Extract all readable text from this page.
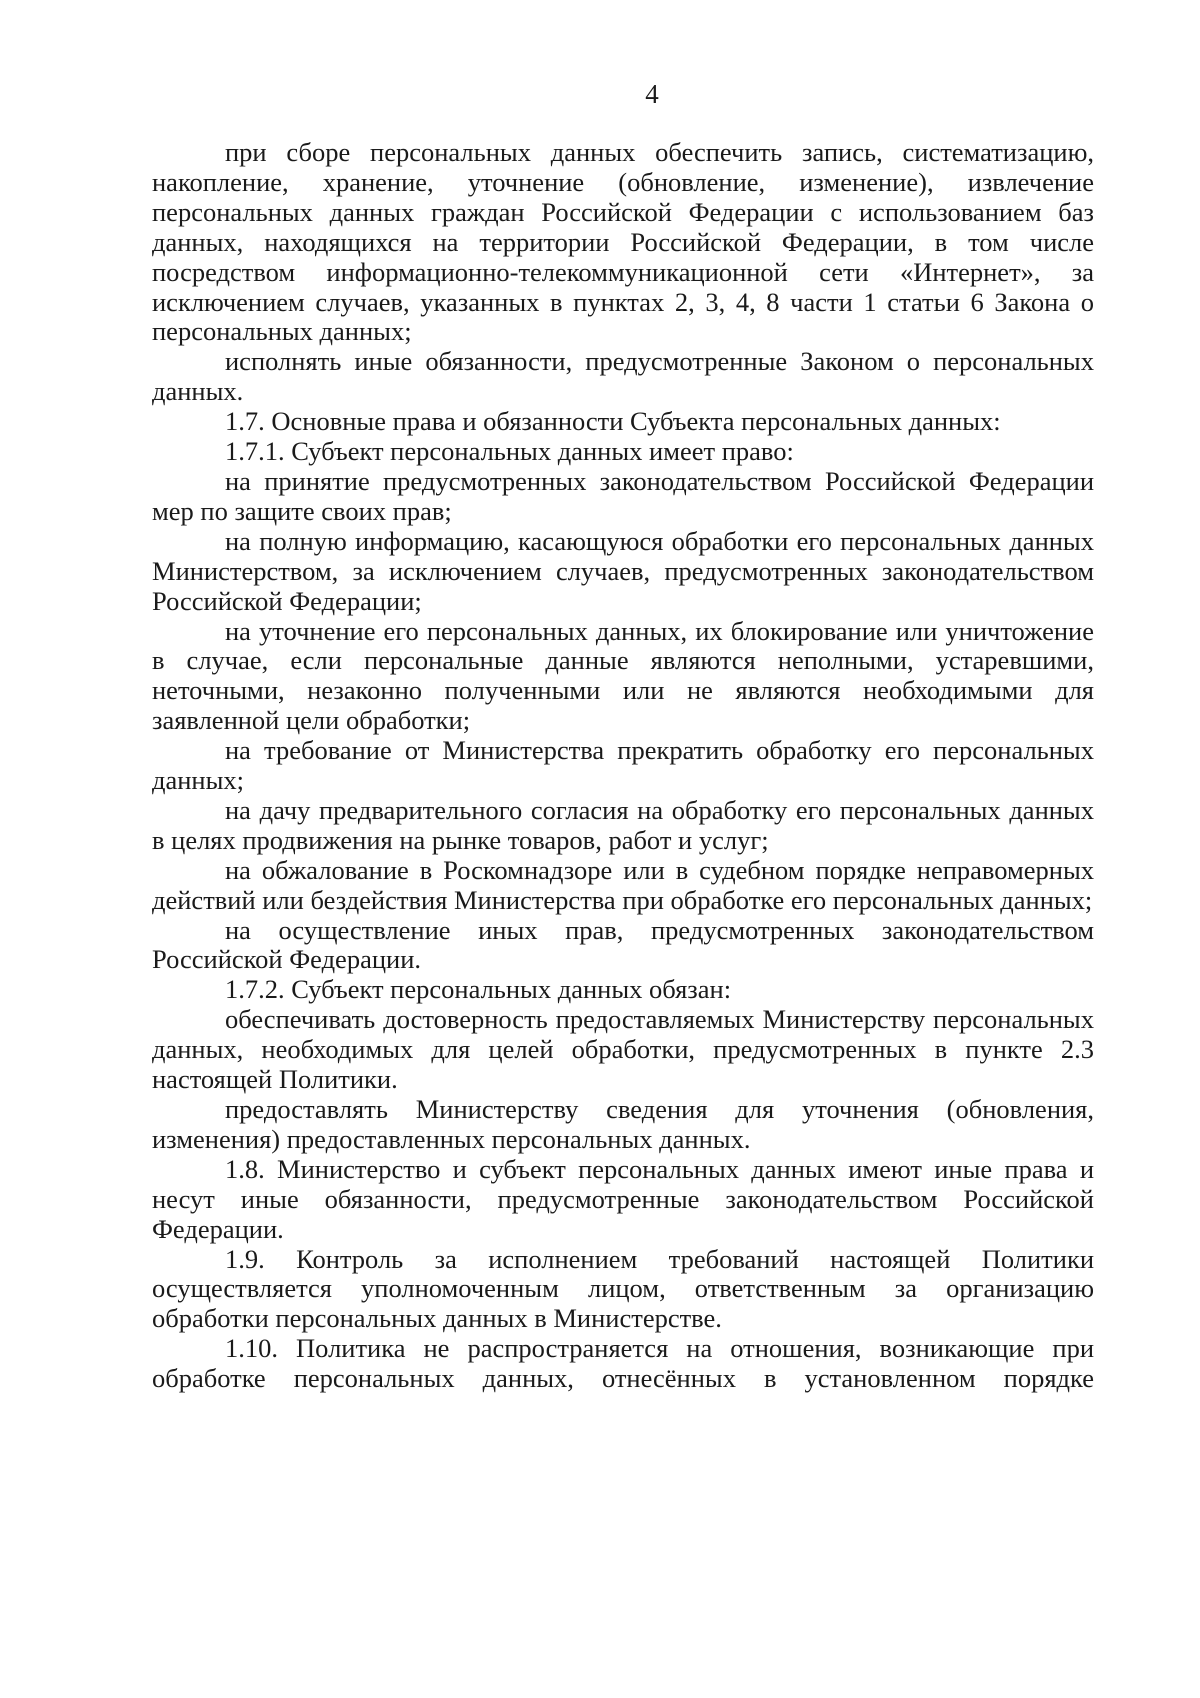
4

при сборе персональных данных обеспечить запись, систематизацию, накопление, хранение, уточнение (обновление, изменение), извлечение персональных данных граждан Российской Федерации с использованием баз данных, находящихся на территории Российской Федерации, в том числе посредством информационно-телекоммуникационной сети «Интернет», за исключением случаев, указанных в пунктах 2, 3, 4, 8 части 1 статьи 6 Закона о персональных данных;

исполнять иные обязанности, предусмотренные Законом о персональных данных.

1.7. Основные права и обязанности Субъекта персональных данных:

1.7.1. Субъект персональных данных имеет право:

на принятие предусмотренных законодательством Российской Федерации мер по защите своих прав;

на полную информацию, касающуюся обработки его персональных данных Министерством, за исключением случаев, предусмотренных законодательством Российской Федерации;

на уточнение его персональных данных, их блокирование или уничтожение в случае, если персональные данные являются неполными, устаревшими, неточными, незаконно полученными или не являются необходимыми для заявленной цели обработки;

на требование от Министерства прекратить обработку его персональных данных;

на дачу предварительного согласия на обработку его персональных данных в целях продвижения на рынке товаров, работ и услуг;

на обжалование в Роскомнадзоре или в судебном порядке неправомерных действий или бездействия Министерства при обработке его персональных данных;

на осуществление иных прав, предусмотренных законодательством Российской Федерации.

1.7.2. Субъект персональных данных обязан:

обеспечивать достоверность предоставляемых Министерству персональных данных, необходимых для целей обработки, предусмотренных в пункте 2.3 настоящей Политики.

предоставлять Министерству сведения для уточнения (обновления, изменения) предоставленных персональных данных.

1.8. Министерство и субъект персональных данных имеют иные права и несут иные обязанности, предусмотренные законодательством Российской Федерации.

1.9. Контроль за исполнением требований настоящей Политики осуществляется уполномоченным лицом, ответственным за организацию обработки персональных данных в Министерстве.

1.10. Политика не распространяется на отношения, возникающие при обработке персональных данных, отнесённых в установленном порядке
